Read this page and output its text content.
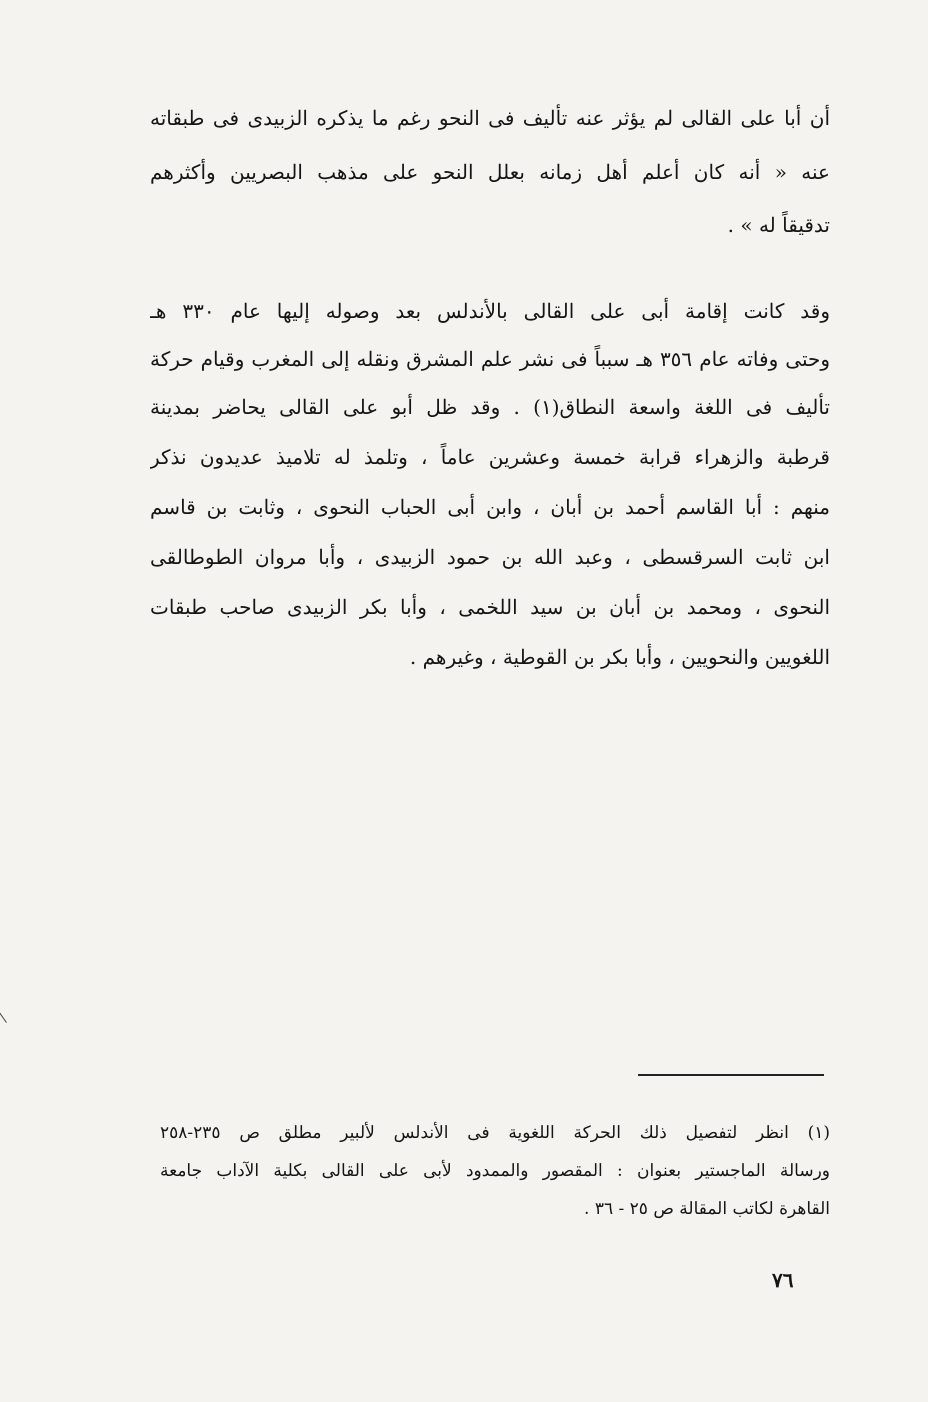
أن أبا على القالى لم يؤثر عنه تأليف فى النحو رغم ما يذكره الزبيدى فى طبقاته
عنه « أنه كان أعلم أهل زمانه بعلل النحو على مذهب البصريين وأكثرهم
تدقيقاً له » .
وقد كانت إقامة أبى على القالى بالأندلس بعد وصوله إليها عام ٣٣٠ هـ
وحتى وفاته عام ٣٥٦ هـ سبباً فى نشر علم المشرق ونقله إلى المغرب وقيام حركة
تأليف فى اللغة واسعة النطاق(١) . وقد ظل أبو على القالى يحاضر بمدينة
قرطبة والزهراء قرابة خمسة وعشرين عاماً ، وتلمذ له تلاميذ عديدون نذكر
منهم : أبا القاسم أحمد بن أبان ، وابن أبى الحباب النحوى ، وثابت بن قاسم
ابن ثابت السرقسطى ، وعبد الله بن حمود الزبيدى ، وأبا مروان الطوطالقى
النحوى ، ومحمد بن أبان بن سيد اللخمى ، وأبا بكر الزبيدى صاحب طبقات
اللغويين والنحويين ، وأبا بكر بن القوطية ، وغيرهم .
(١) انظر لتفصيل ذلك الحركة اللغوية فى الأندلس لألبير مطلق ص ٢٣٥-٢٥٨
ورسالة الماجستير بعنوان : المقصور والممدود لأبى على القالى بكلية الآداب جامعة
القاهرة لكاتب المقالة ص ٢٥ - ٣٦ .
٧٦
